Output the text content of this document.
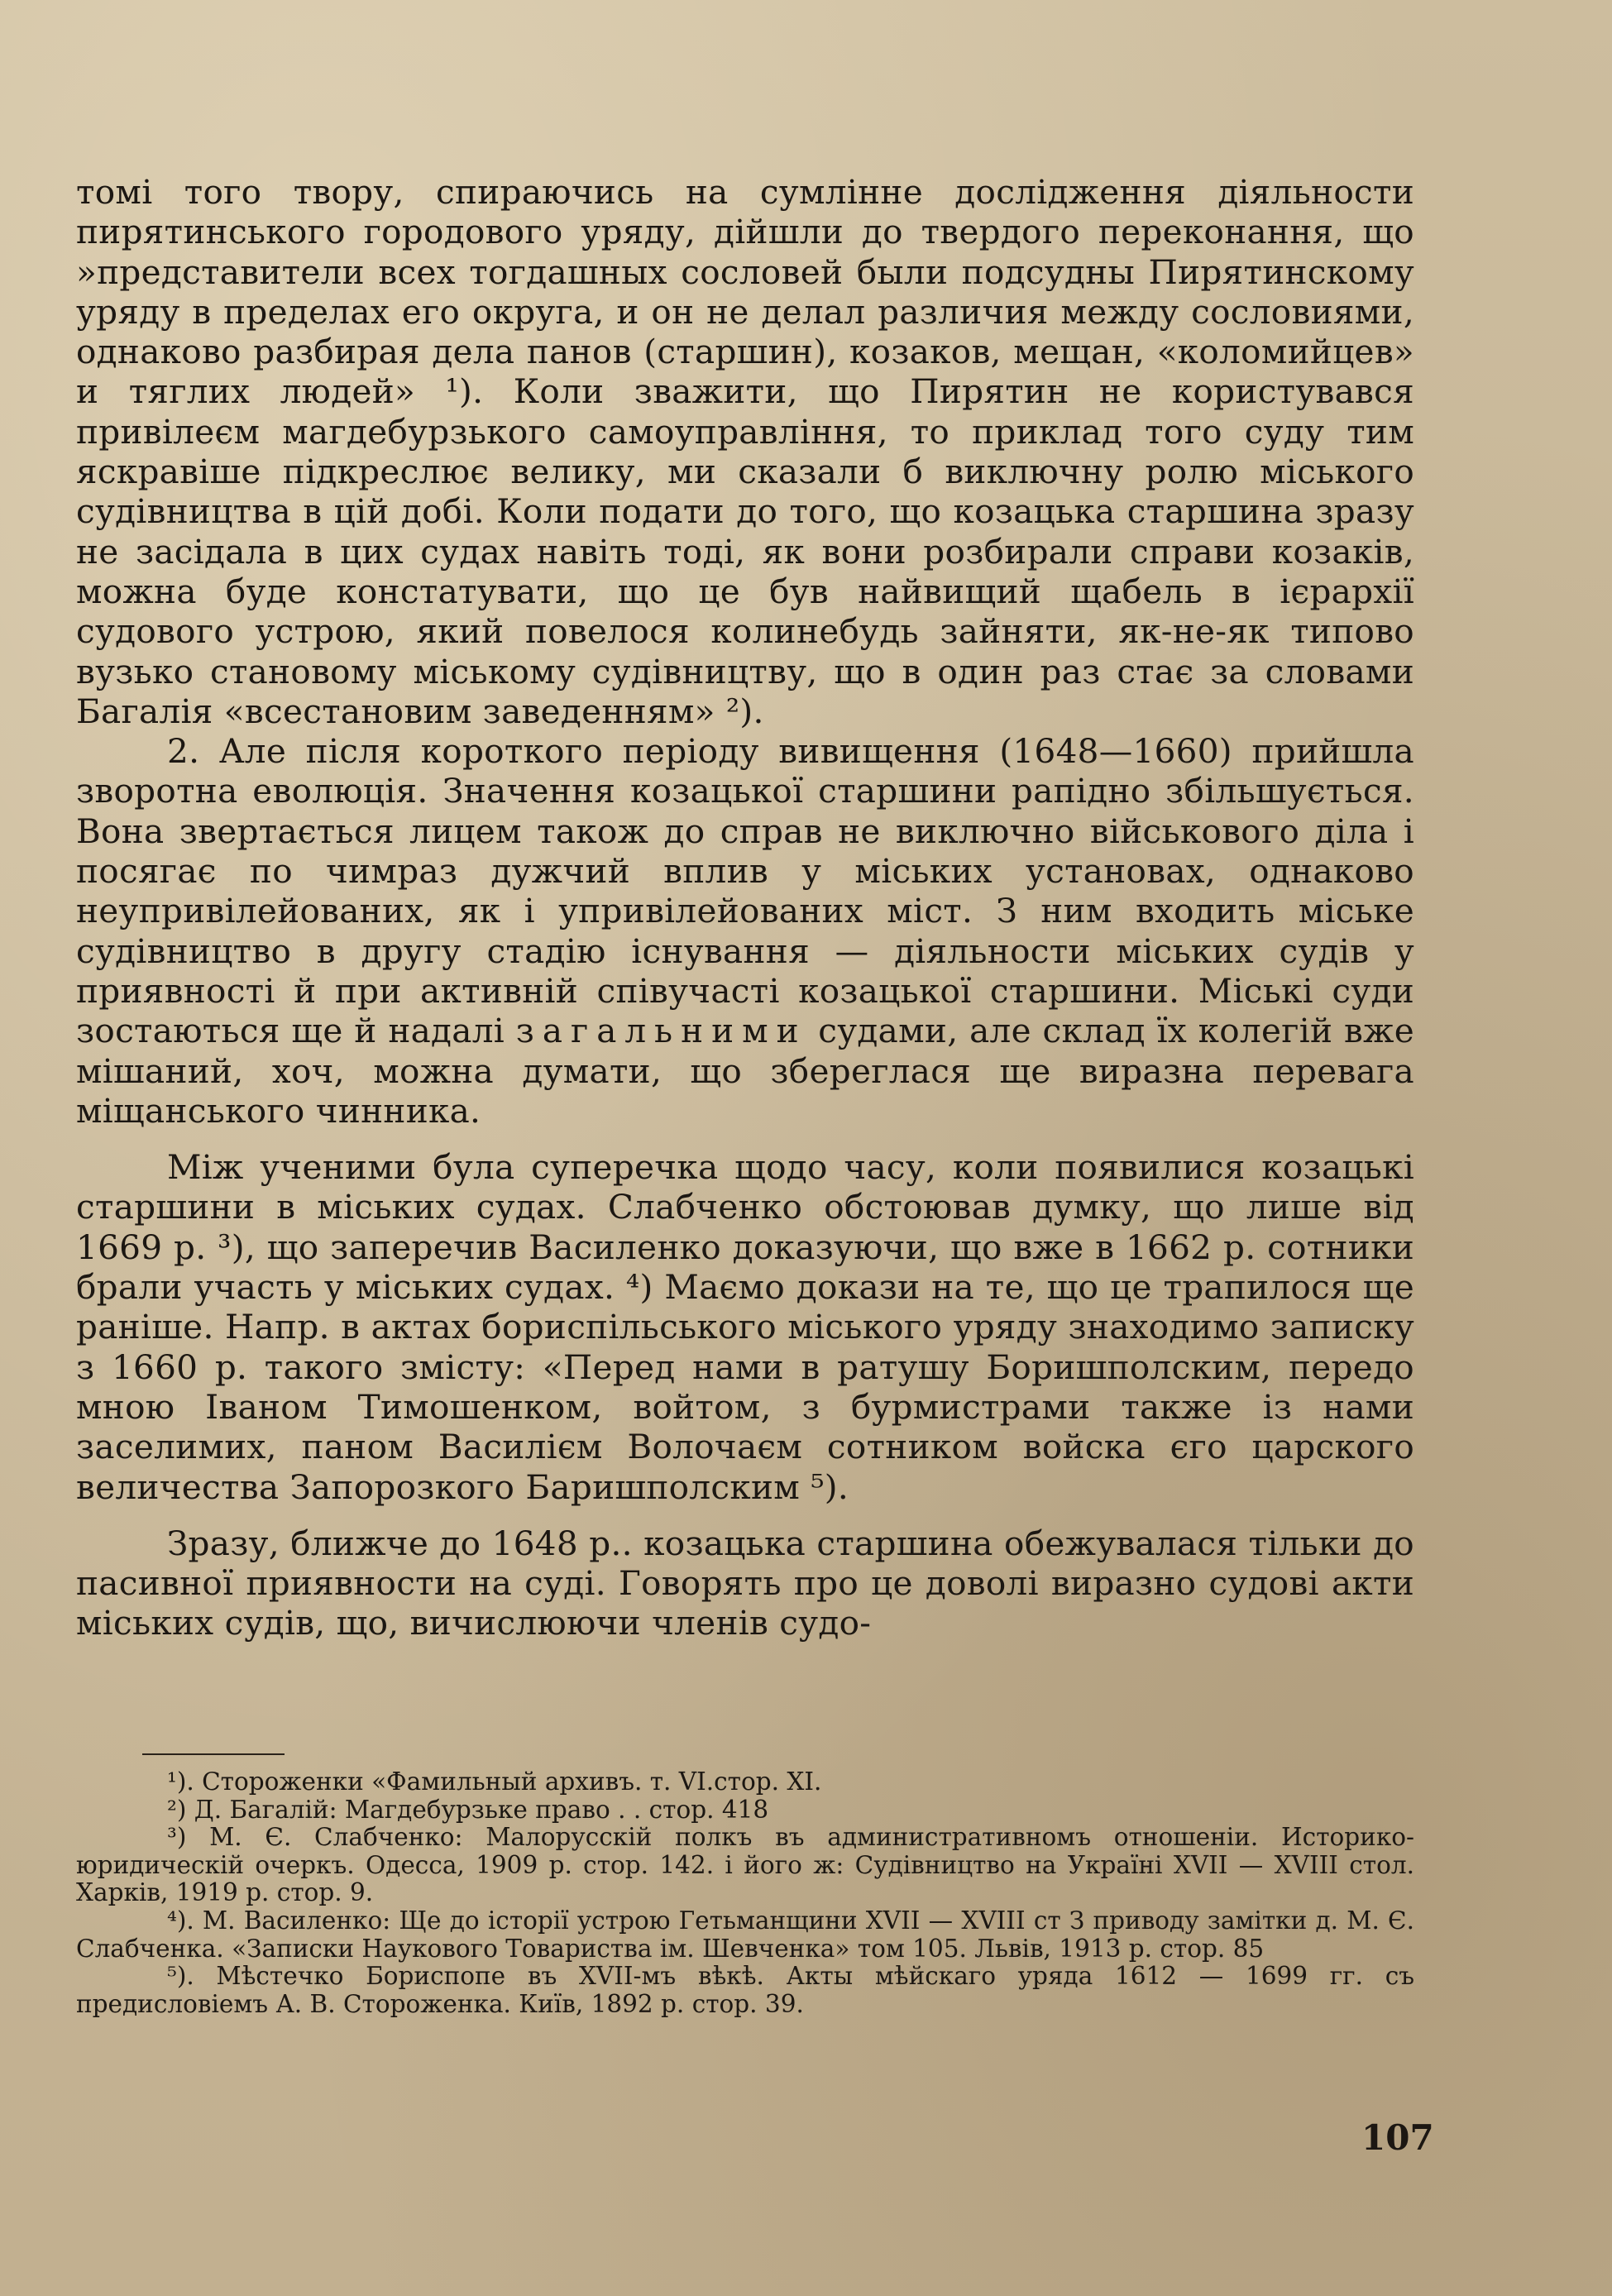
томі того твору, спираючись на сумлінне дослідження діяльности пирятинського городового уряду, дійшли до твердого переконання, що »представители всех тогдашных сословей были подсудны Пирятинскому уряду в пределах его округа, и он не делал различия между сословиями, однаково разбирая дела панов (старшин), козаков, мещан, «коломийцев» и тяглих людей» ¹). Коли зважити, що Пирятин не користувався привілеєм магдебурзького самоуправління, то приклад того суду тим яскравіше підкреслює велику, ми сказали б виключну ролю міського судівництва в цій добі. Коли подати до того, що козацька старшина зразу не засідала в цих судах навіть тоді, як вони розбирали справи козаків, можна буде констатувати, що це був найвищий щабель в ієрархії судового устрою, який повелося колинебудь зайняти, як-не-як типово вузько становому міському судівництву, що в один раз стає за словами Багалія «всестановим заведенням» ²).

2. Але після короткого періоду вивищення (1648—1660) прийшла зворотна еволюція. Значення козацької старшини рапідно збільшується. Вона звертається лицем також до справ не виключно військового діла і посягає по чимраз дужчий вплив у міських установах, однаково неупривілейованих, як і упривілейованих міст. З ним входить міське судівництво в другу стадію існування — діяльности міських судів у приявності й при активній співучасті козацької старшини. Міські суди зостаються ще й надалі загальними судами, але склад їх колегій вже мішаний, хоч, можна думати, що збереглася ще виразна перевага міщанського чинника.

Між ученими була суперечка щодо часу, коли появилися козацькі старшини в міських судах. Слабченко обстоював думку, що лише від 1669 р. ³), що заперечив Василенко доказуючи, що вже в 1662 р. сотники брали участь у міських судах. ⁴) Маємо докази на те, що це трапилося ще раніше. Напр. в актах бориспільського міського уряду знаходимо записку з 1660 р. такого змісту: «Перед нами в ратушу Боришполским, передо мною Іваном Тимошенком, войтом, з бурмистрами также із нами заселимих, паном Василієм Волочаєм сотником войска єго царского величества Запорозкого Баришполским ⁵).

Зразу, ближче до 1648 р.. козацька старшина обежувалася тільки до пасивної приявности на суді. Говорять про це доволі виразно судові акти міських судів, що, вичислюючи членів судо-

¹). Стороженки «Фамильный архивъ. т. VI.стор. XI.

²) Д. Багалій: Магдебурзьке право . . стор. 418

³) М. Є. Слабченко: Малорусскій полкъ въ административномъ отношеніи. Историко-юридическій очеркъ. Одесса, 1909 р. стор. 142. і його ж: Судівництво на Україні XVII — XVIII стол. Харків, 1919 р. стор. 9.

⁴). М. Василенко: Ще до історії устрою Гетьманщини XVII — XVIII ст З приводу замітки д. М. Є. Слабченка. «Записки Наукового Товариства ім. Шевченка» том 105. Львів, 1913 р. стор. 85

⁵). Мѣстечко Бориспопе въ XVII-мъ вѣкѣ. Акты мѣйскаго уряда 1612 — 1699 гг. съ предисловіемъ А. В. Стороженка. Київ, 1892 р. стор. 39.

107
